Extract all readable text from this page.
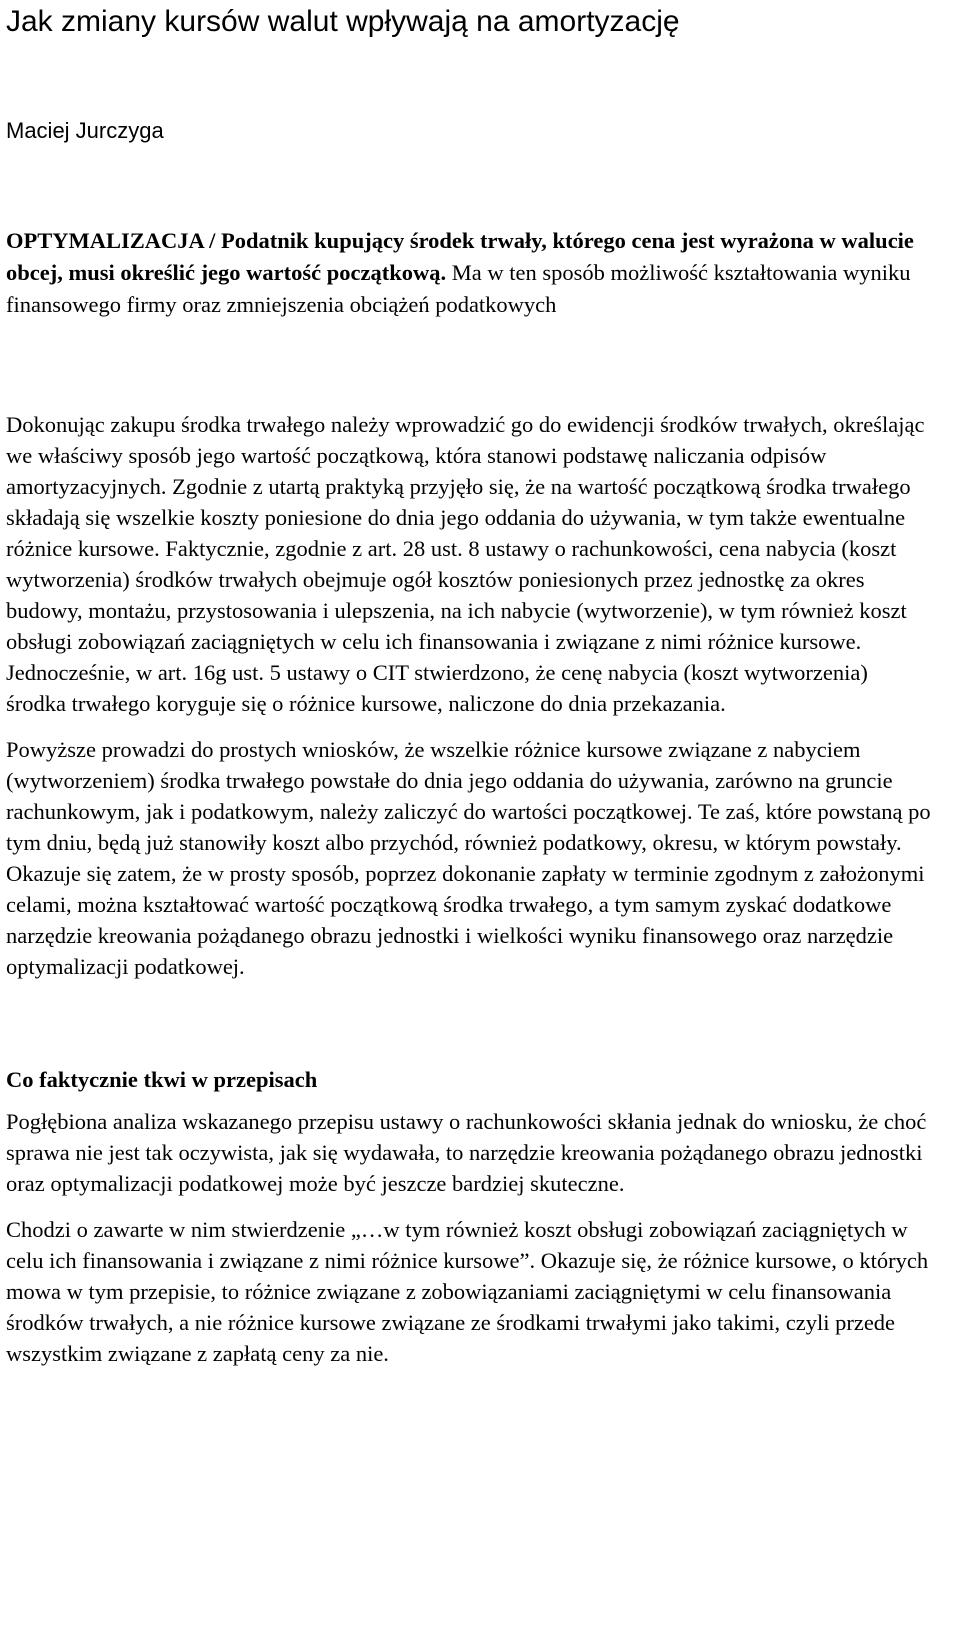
Jak zmiany kursów walut wpływają na amortyzację
Maciej Jurczyga

OPTYMALIZACJA / Podatnik kupujący środek trwały, którego cena jest wyrażona w walucie obcej, musi określić jego wartość początkową. Ma w ten sposób możliwość kształtowania wyniku finansowego firmy oraz zmniejszenia obciążeń podatkowych

Dokonując zakupu środka trwałego należy wprowadzić go do ewidencji środków trwałych, określając we właściwy sposób jego wartość początkową, która stanowi podstawę naliczania odpisów amortyzacyjnych. Zgodnie z utartą praktyką przyjęło się, że na wartość początkową środka trwałego składają się wszelkie koszty poniesione do dnia jego oddania do używania, w tym także ewentualne różnice kursowe. Faktycznie, zgodnie z art. 28 ust. 8 ustawy o rachunkowości, cena nabycia (koszt wytworzenia) środków trwałych obejmuje ogół kosztów poniesionych przez jednostkę za okres budowy, montażu, przystosowania i ulepszenia, na ich nabycie (wytworzenie), w tym również koszt obsługi zobowiązań zaciągniętych w celu ich finansowania i związane z nimi różnice kursowe. Jednocześnie, w art. 16g ust. 5 ustawy o CIT stwierdzono, że cenę nabycia (koszt wytworzenia) środka trwałego koryguje się o różnice kursowe, naliczone do dnia przekazania.

Powyższe prowadzi do prostych wniosków, że wszelkie różnice kursowe związane z nabyciem (wytworzeniem) środka trwałego powstałe do dnia jego oddania do używania, zarówno na gruncie rachunkowym, jak i podatkowym, należy zaliczyć do wartości początkowej. Te zaś, które powstaną po tym dniu, będą już stanowiły koszt albo przychód, również podatkowy, okresu, w którym powstały. Okazuje się zatem, że w prosty sposób, poprzez dokonanie zapłaty w terminie zgodnym z założonymi celami, można kształtować wartość początkową środka trwałego, a tym samym zyskać dodatkowe narzędzie kreowania pożądanego obrazu jednostki i wielkości wyniku finansowego oraz narzędzie optymalizacji podatkowej.

Co faktycznie tkwi w przepisach

Pogłębiona analiza wskazanego przepisu ustawy o rachunkowości skłania jednak do wniosku, że choć sprawa nie jest tak oczywista, jak się wydawała, to narzędzie kreowania pożądanego obrazu jednostki oraz optymalizacji podatkowej może być jeszcze bardziej skuteczne.

Chodzi o zawarte w nim stwierdzenie „…w tym również koszt obsługi zobowiązań zaciągniętych w celu ich finansowania i związane z nimi różnice kursowe”. Okazuje się, że różnice kursowe, o których mowa w tym przepisie, to różnice związane z zobowiązaniami zaciągniętymi w celu finansowania środków trwałych, a nie różnice kursowe związane ze środkami trwałymi jako takimi, czyli przede wszystkim związane z zapłatą ceny za nie.
